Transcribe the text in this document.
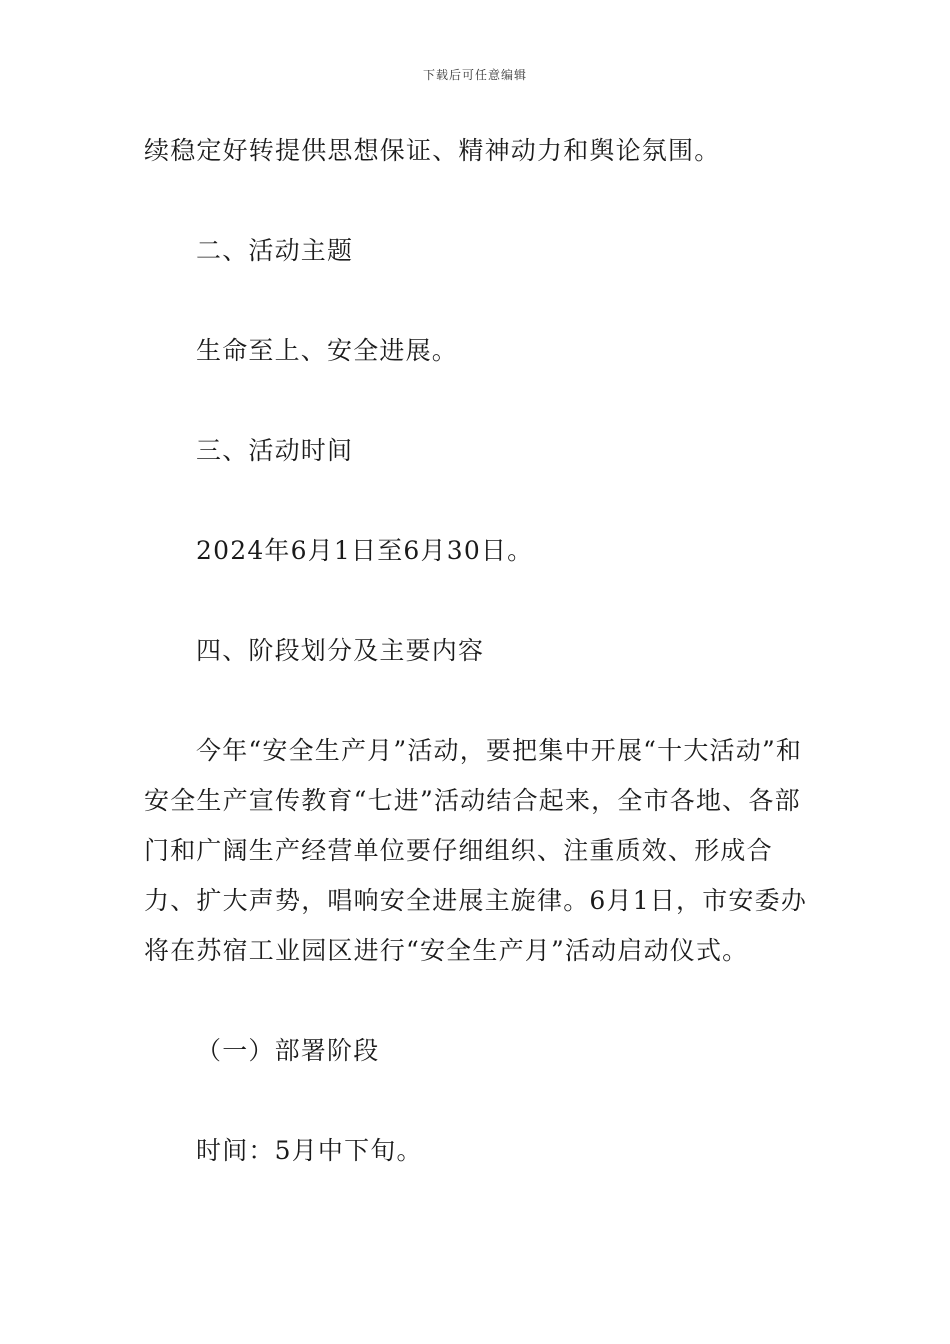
下载后可任意编辑

续稳定好转提供思想保证、精神动力和舆论氛围。

二、活动主题

生命至上、安全进展。

三、活动时间

2024年6月1日至6月30日。

四、阶段划分及主要内容

今年“安全生产月”活动，要把集中开展“十大活动”和安全生产宣传教育“七进”活动结合起来，全市各地、各部门和广阔生产经营单位要仔细组织、注重质效、形成合力、扩大声势，唱响安全进展主旋律。6月1日，市安委办将在苏宿工业园区进行“安全生产月”活动启动仪式。

（一）部署阶段

时间：5月中下旬。
